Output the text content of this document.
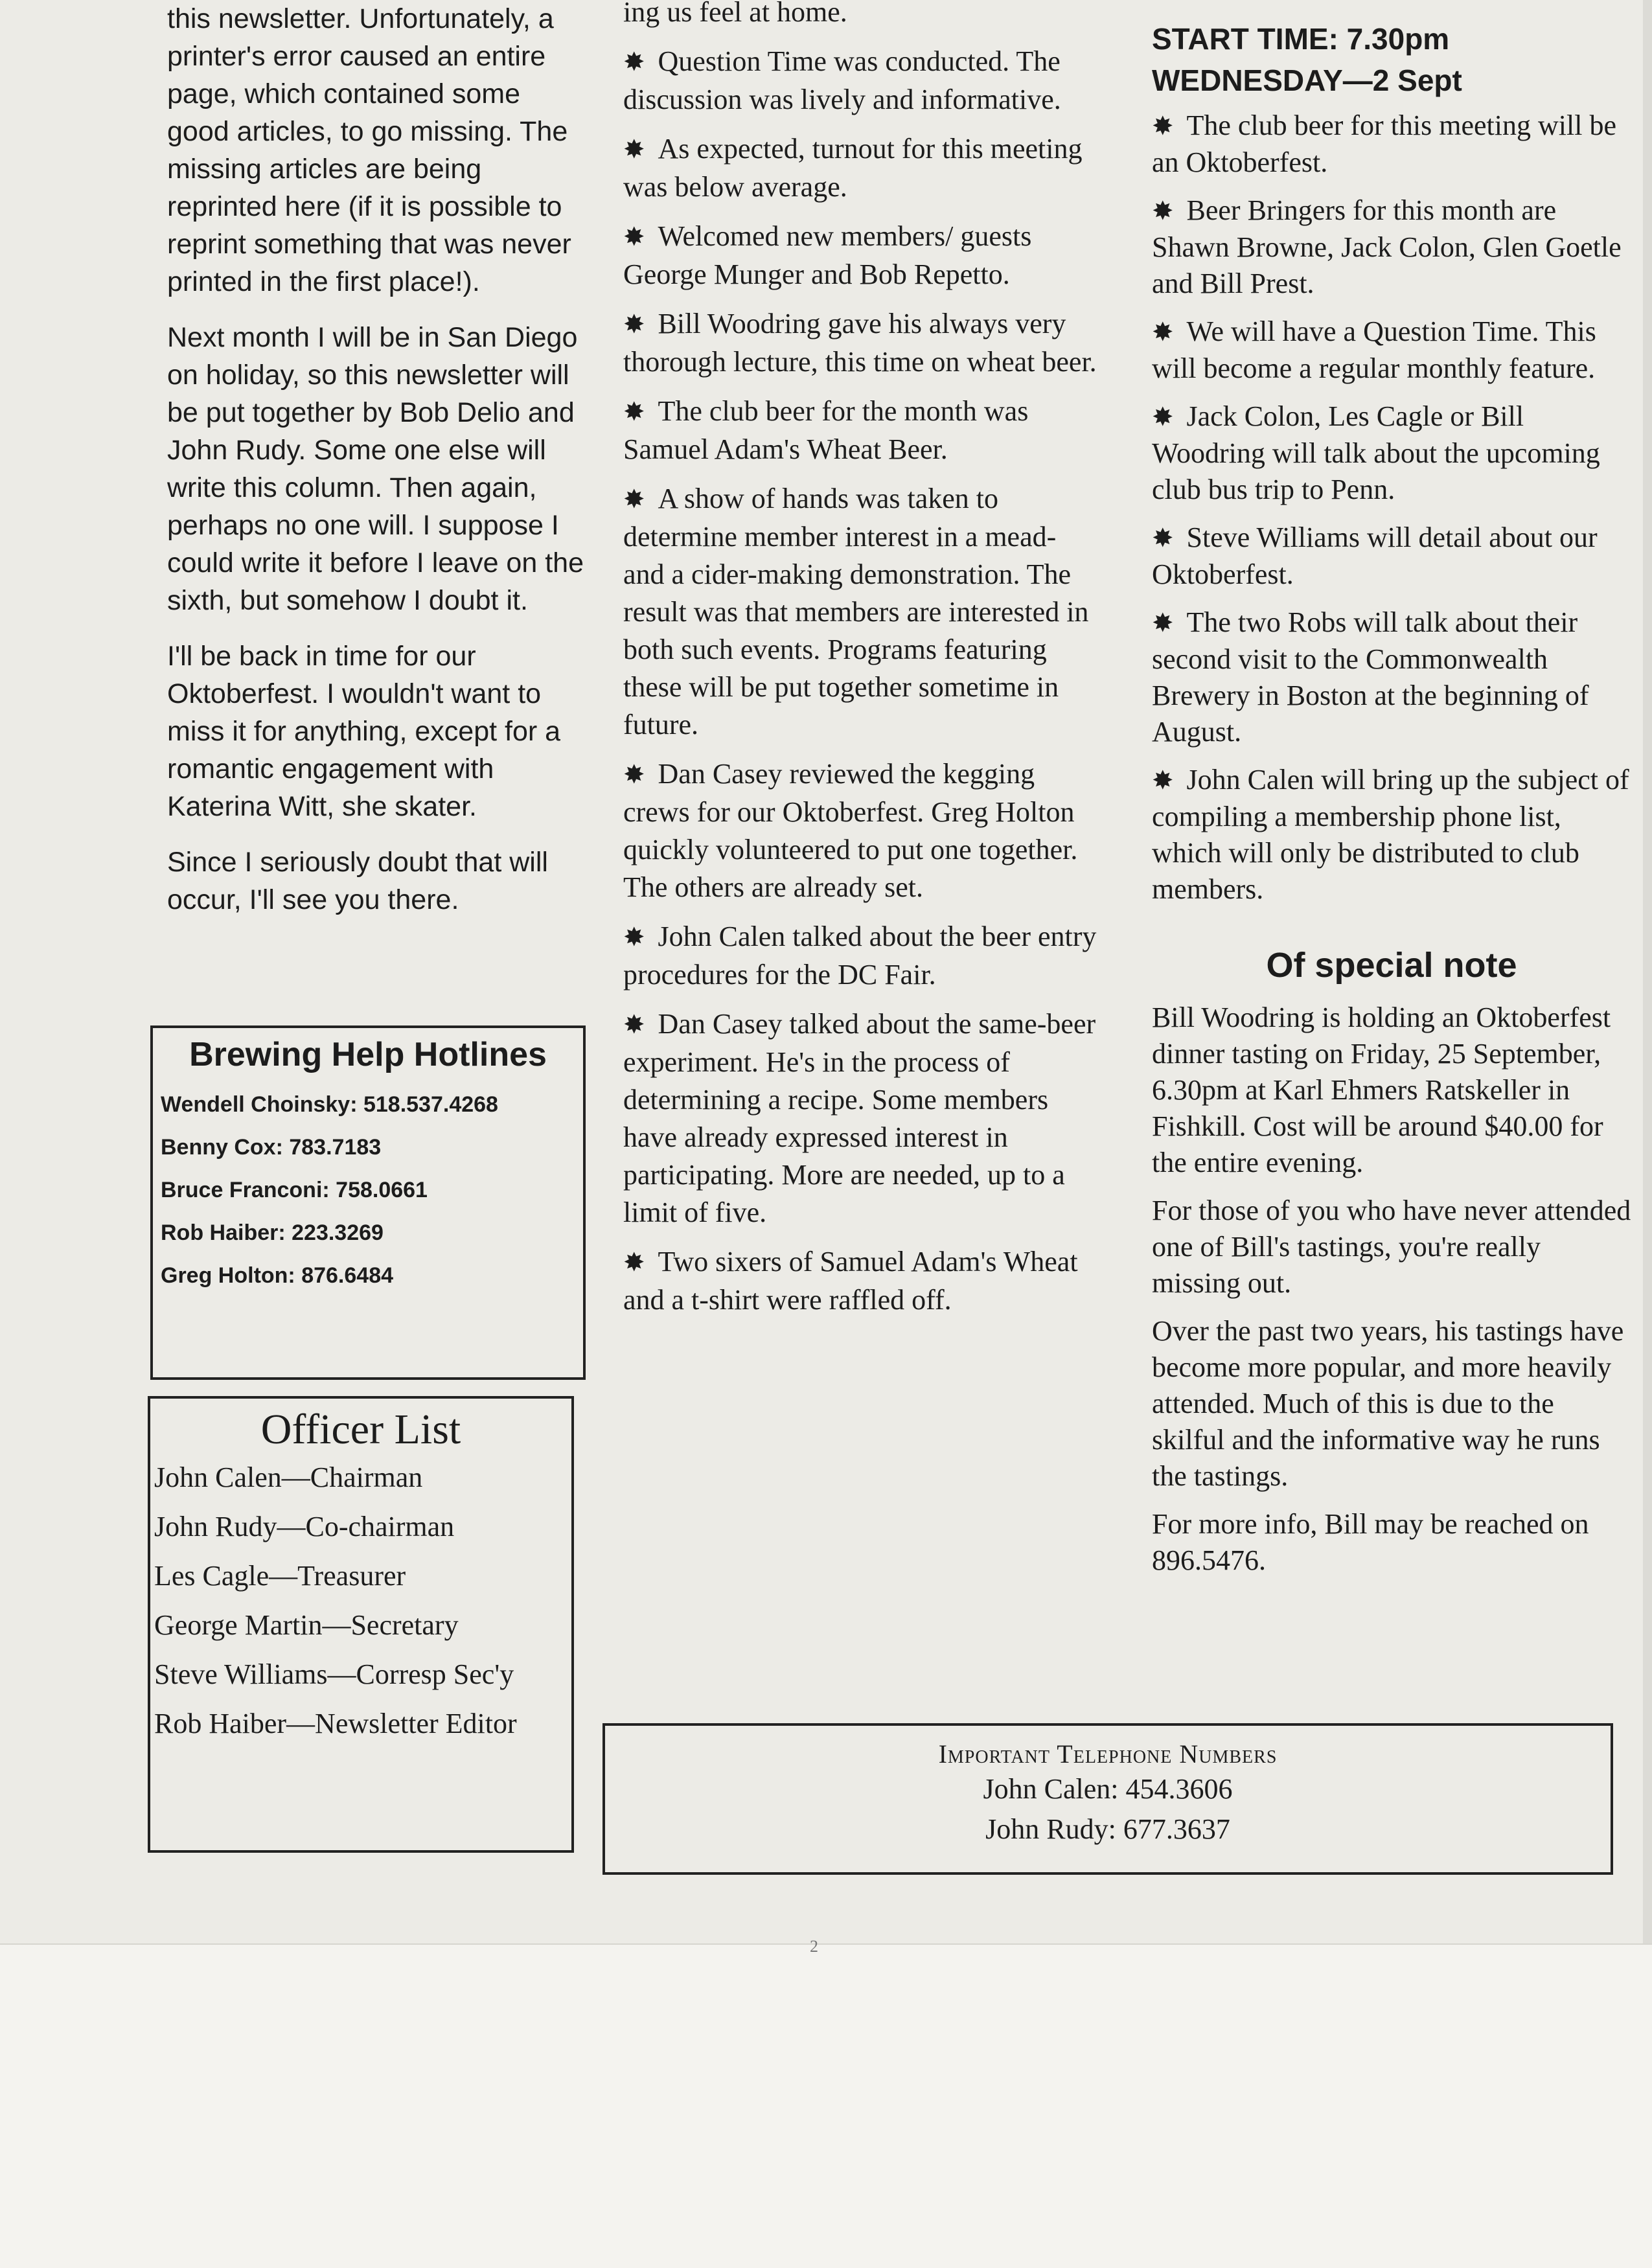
this newsletter. Unfortunately, a printer's error caused an entire page, which contained some good articles, to go missing. The missing articles are being reprinted here (if it is possible to reprint something that was never printed in the first place!).

Next month I will be in San Diego on holiday, so this newsletter will be put together by Bob Delio and John Rudy. Some one else will write this column. Then again, perhaps no one will. I suppose I could write it before I leave on the sixth, but somehow I doubt it.

I'll be back in time for our Oktoberfest. I wouldn't want to miss it for anything, except for a romantic engagement with Katerina Witt, she skater.

Since I seriously doubt that will occur, I'll see you there.

Brewing Help Hotlines
Wendell Choinsky: 518.537.4268
Benny Cox: 783.7183
Bruce Franconi: 758.0661
Rob Haiber: 223.3269
Greg Holton: 876.6484
Officer List
John Calen—Chairman
John Rudy—Co-chairman
Les Cagle—Treasurer
George Martin—Secretary
Steve Williams—Corresp Sec'y
Rob Haiber—Newsletter Editor

ing us feel at home.

✸ Question Time was conducted. The discussion was lively and informative.

✸ As expected, turnout for this meeting was below average.

✸ Welcomed new members/ guests George Munger and Bob Repetto.

✸ Bill Woodring gave his always very thorough lecture, this time on wheat beer.

✸ The club beer for the month was Samuel Adam's Wheat Beer.

✸ A show of hands was taken to determine member interest in a mead- and a cider-making demonstration. The result was that members are interested in both such events. Programs featuring these will be put together sometime in future.

✸ Dan Casey reviewed the kegging crews for our Oktoberfest. Greg Holton quickly volunteered to put one together. The others are already set.

✸ John Calen talked about the beer entry procedures for the DC Fair.

✸ Dan Casey talked about the same-beer experiment. He's in the process of determining a recipe. Some members have already expressed interest in participating. More are needed, up to a limit of five.

✸ Two sixers of Samuel Adam's Wheat and a t-shirt were raffled off.

START TIME: 7.30pm

WEDNESDAY—2 Sept

✸ The club beer for this meeting will be an Oktoberfest.

✸ Beer Bringers for this month are Shawn Browne, Jack Colon, Glen Goetle and Bill Prest.

✸ We will have a Question Time. This will become a regular monthly feature.

✸ Jack Colon, Les Cagle or Bill Woodring will talk about the upcoming club bus trip to Penn.

✸ Steve Williams will detail about our Oktoberfest.

✸ The two Robs will talk about their second visit to the Commonwealth Brewery in Boston at the beginning of August.

✸ John Calen will bring up the subject of compiling a membership phone list, which will only be distributed to club members.

Of special note

Bill Woodring is holding an Oktoberfest dinner tasting on Friday, 25 September, 6.30pm at Karl Ehmers Ratskeller in Fishkill. Cost will be around $40.00 for the entire evening.

For those of you who have never attended one of Bill's tastings, you're really missing out.

Over the past two years, his tastings have become more popular, and more heavily attended. Much of this is due to the skilful and the informative way he runs the tastings.

For more info, Bill may be reached on 896.5476.

Important Telephone Numbers
John Calen: 454.3606
John Rudy: 677.3637
2
